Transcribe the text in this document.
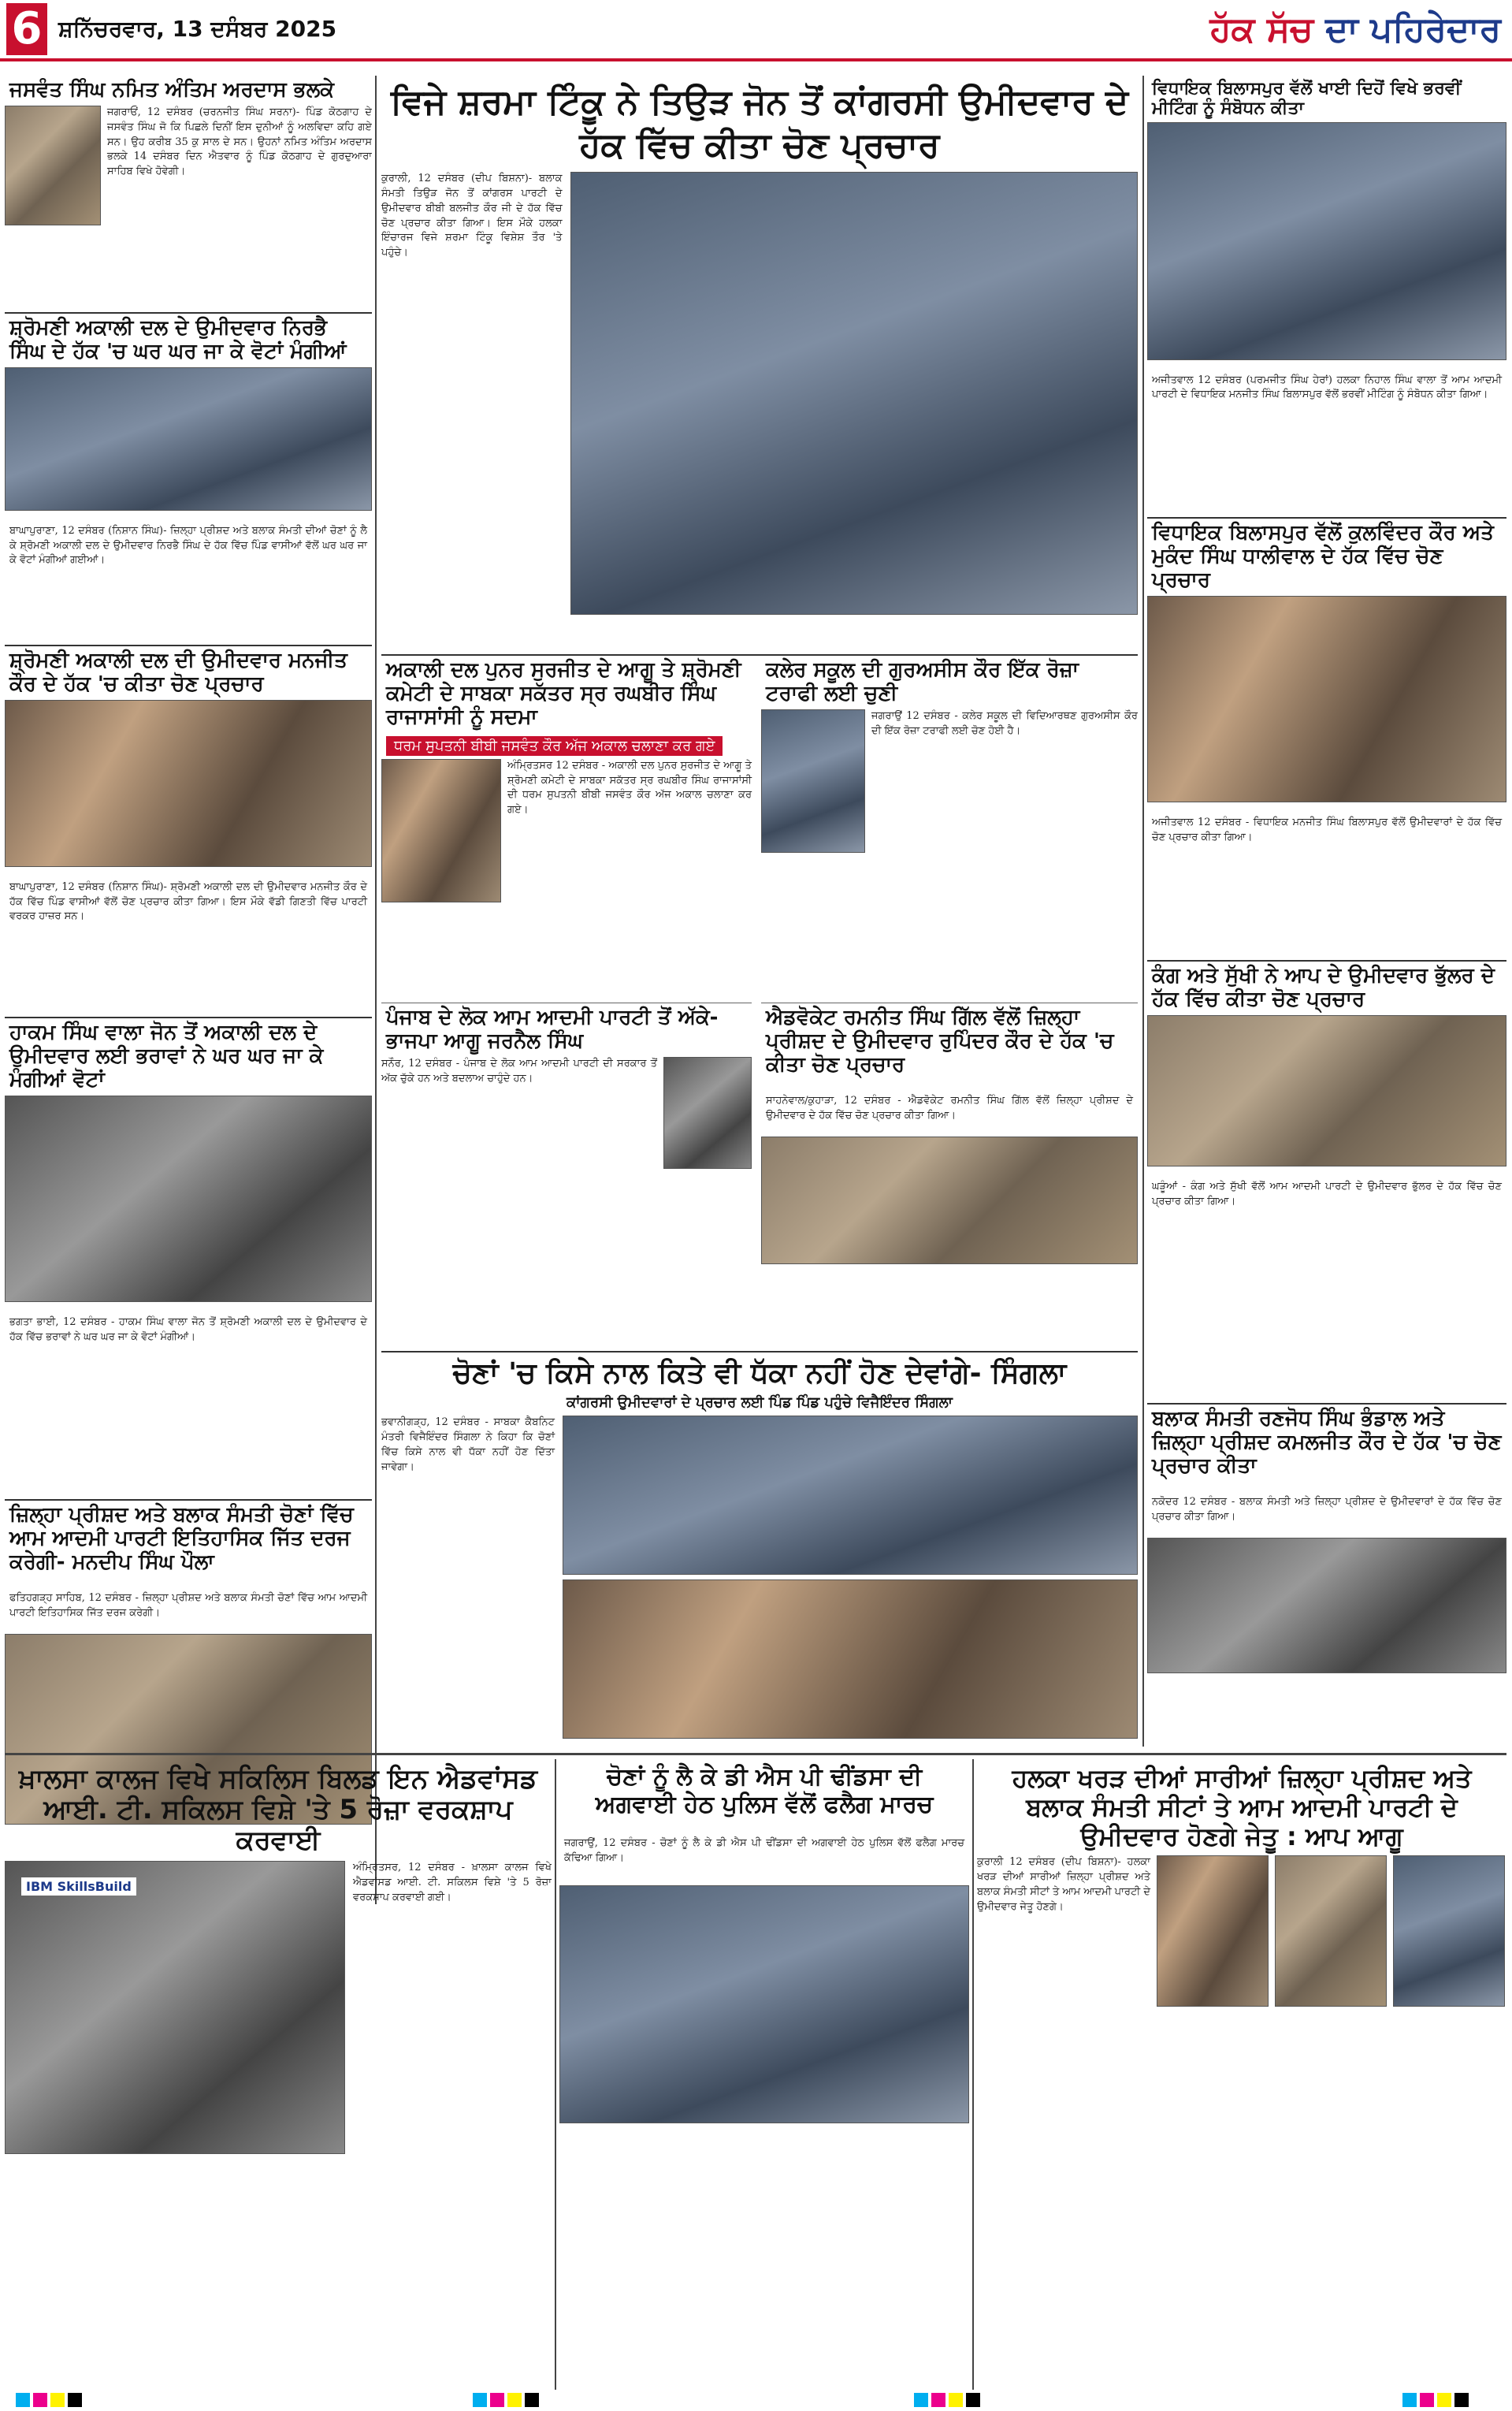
6 ਸ਼ਨਿੱਚਰਵਾਰ, 13 ਦਸੰਬਰ 2025	ਹੱਕ ਸੱਚ ਦਾ ਪਹਿਰੇਦਾਰ
ਜਸਵੰਤ ਸਿੰਘ ਨਮਿਤ ਅੰਤਿਮ ਅਰਦਾਸ ਭਲਕੇ

ਜਗਰਾਓਂ, 12 ਦਸੰਬਰ (ਚਰਨਜੀਤ ਸਿੰਘ ਸਰਨਾ)- ਪਿੰਡ ਕੋਠਗਾਹ ਦੇ ਜਸਵੰਤ ਸਿੰਘ ਜੋ ਕਿ ਪਿਛਲੇ ਦਿਨੀਂ ਇਸ ਦੁਨੀਆਂ ਨੂੰ ਅਲਵਿਦਾ ਕਹਿ ਗਏ ਸਨ। ਉਹ ਕਰੀਬ 35 ਕੁ ਸਾਲ ਦੇ ਸਨ। ਉਹਨਾਂ ਨਮਿਤ ਅੰਤਿਮ ਅਰਦਾਸ ਭਲਕੇ 14 ਦਸੰਬਰ ਦਿਨ ਐਤਵਾਰ ਨੂੰ ਪਿੰਡ ਕੋਠਗਾਹ ਦੇ ਗੁਰਦੁਆਰਾ ਸਾਹਿਬ ਵਿਖੇ ਹੋਵੇਗੀ।

ਸ਼੍ਰੋਮਣੀ ਅਕਾਲੀ ਦਲ ਦੇ ਉਮੀਦਵਾਰ ਨਿਰਭੈ ਸਿੰਘ ਦੇ ਹੱਕ 'ਚ ਘਰ ਘਰ ਜਾ ਕੇ ਵੋਟਾਂ ਮੰਗੀਆਂ

ਬਾਘਾਪੁਰਾਣਾ, 12 ਦਸੰਬਰ (ਨਿਸ਼ਾਨ ਸਿੰਘ)- ਜ਼ਿਲ੍ਹਾ ਪ੍ਰੀਸ਼ਦ ਅਤੇ ਬਲਾਕ ਸੰਮਤੀ ਦੀਆਂ ਚੋਣਾਂ ਨੂੰ ਲੈ ਕੇ ਸ਼੍ਰੋਮਣੀ ਅਕਾਲੀ ਦਲ ਦੇ ਉਮੀਦਵਾਰ ਨਿਰਭੈ ਸਿੰਘ ਦੇ ਹੱਕ ਵਿੱਚ ਪਿੰਡ ਵਾਸੀਆਂ ਵੱਲੋਂ ਘਰ ਘਰ ਜਾ ਕੇ ਵੋਟਾਂ ਮੰਗੀਆਂ ਗਈਆਂ।

ਸ਼੍ਰੋਮਣੀ ਅਕਾਲੀ ਦਲ ਦੀ ਉਮੀਦਵਾਰ ਮਨਜੀਤ ਕੌਰ ਦੇ ਹੱਕ 'ਚ ਕੀਤਾ ਚੋਣ ਪ੍ਰਚਾਰ

ਬਾਘਾਪੁਰਾਣਾ, 12 ਦਸੰਬਰ (ਨਿਸ਼ਾਨ ਸਿੰਘ)- ਸ਼੍ਰੋਮਣੀ ਅਕਾਲੀ ਦਲ ਦੀ ਉਮੀਦਵਾਰ ਮਨਜੀਤ ਕੌਰ ਦੇ ਹੱਕ ਵਿੱਚ ਪਿੰਡ ਵਾਸੀਆਂ ਵੱਲੋਂ ਚੋਣ ਪ੍ਰਚਾਰ ਕੀਤਾ ਗਿਆ। ਇਸ ਮੌਕੇ ਵੱਡੀ ਗਿਣਤੀ ਵਿੱਚ ਪਾਰਟੀ ਵਰਕਰ ਹਾਜ਼ਰ ਸਨ।

ਹਾਕਮ ਸਿੰਘ ਵਾਲਾ ਜੋਨ ਤੋਂ ਅਕਾਲੀ ਦਲ ਦੇ ਉਮੀਦਵਾਰ ਲਈ ਭਰਾਵਾਂ ਨੇ ਘਰ ਘਰ ਜਾ ਕੇ ਮੰਗੀਆਂ ਵੋਟਾਂ

ਭਗਤਾ ਭਾਈ, 12 ਦਸੰਬਰ - ਹਾਕਮ ਸਿੰਘ ਵਾਲਾ ਜੋਨ ਤੋਂ ਸ਼੍ਰੋਮਣੀ ਅਕਾਲੀ ਦਲ ਦੇ ਉਮੀਦਵਾਰ ਦੇ ਹੱਕ ਵਿੱਚ ਭਰਾਵਾਂ ਨੇ ਘਰ ਘਰ ਜਾ ਕੇ ਵੋਟਾਂ ਮੰਗੀਆਂ।

ਜ਼ਿਲ੍ਹਾ ਪ੍ਰੀਸ਼ਦ ਅਤੇ ਬਲਾਕ ਸੰਮਤੀ ਚੋਣਾਂ ਵਿੱਚ ਆਮ ਆਦਮੀ ਪਾਰਟੀ ਇਤਿਹਾਸਿਕ ਜਿੱਤ ਦਰਜ ਕਰੇਗੀ- ਮਨਦੀਪ ਸਿੰਘ ਪੌਲਾ

ਫਤਿਹਗੜ੍ਹ ਸਾਹਿਬ, 12 ਦਸੰਬਰ - ਜ਼ਿਲ੍ਹਾ ਪ੍ਰੀਸ਼ਦ ਅਤੇ ਬਲਾਕ ਸੰਮਤੀ ਚੋਣਾਂ ਵਿੱਚ ਆਮ ਆਦਮੀ ਪਾਰਟੀ ਇਤਿਹਾਸਿਕ ਜਿੱਤ ਦਰਜ ਕਰੇਗੀ।

ਵਿਜੇ ਸ਼ਰਮਾ ਟਿੰਕੂ ਨੇ ਤਿਉੜ ਜੋਨ ਤੋਂ ਕਾਂਗਰਸੀ ਉਮੀਦਵਾਰ ਦੇ ਹੱਕ ਵਿੱਚ ਕੀਤਾ ਚੋਣ ਪ੍ਰਚਾਰ

ਕੁਰਾਲੀ, 12 ਦਸੰਬਰ (ਦੀਪ ਬਿਸ਼ਨਾ)- ਬਲਾਕ ਸੰਮਤੀ ਤਿਉੜ ਜੋਨ ਤੋਂ ਕਾਂਗਰਸ ਪਾਰਟੀ ਦੇ ਉਮੀਦਵਾਰ ਬੀਬੀ ਬਲਜੀਤ ਕੌਰ ਜੀ ਦੇ ਹੱਕ ਵਿੱਚ ਚੋਣ ਪ੍ਰਚਾਰ ਕੀਤਾ ਗਿਆ। ਇਸ ਮੌਕੇ ਹਲਕਾ ਇੰਚਾਰਜ ਵਿਜੇ ਸ਼ਰਮਾ ਟਿੰਕੂ ਵਿਸ਼ੇਸ਼ ਤੌਰ 'ਤੇ ਪਹੁੰਚੇ।

ਅਕਾਲੀ ਦਲ ਪੁਨਰ ਸੁਰਜੀਤ ਦੇ ਆਗੂ ਤੇ ਸ਼੍ਰੋਮਣੀ ਕਮੇਟੀ ਦੇ ਸਾਬਕਾ ਸਕੱਤਰ ਸ੍ਰ ਰਘਬੀਰ ਸਿੰਘ ਰਾਜਾਸਾਂਸੀ ਨੂੰ ਸਦਮਾ
ਧਰਮ ਸੁਪਤਨੀ ਬੀਬੀ ਜਸਵੰਤ ਕੌਰ ਅੱਜ ਅਕਾਲ ਚਲਾਣਾ ਕਰ ਗਏ

ਅੰਮ੍ਰਿਤਸਰ 12 ਦਸੰਬਰ - ਅਕਾਲੀ ਦਲ ਪੁਨਰ ਸੁਰਜੀਤ ਦੇ ਆਗੂ ਤੇ ਸ਼੍ਰੋਮਣੀ ਕਮੇਟੀ ਦੇ ਸਾਬਕਾ ਸਕੱਤਰ ਸ੍ਰ ਰਘਬੀਰ ਸਿੰਘ ਰਾਜਾਸਾਂਸੀ ਦੀ ਧਰਮ ਸੁਪਤਨੀ ਬੀਬੀ ਜਸਵੰਤ ਕੌਰ ਅੱਜ ਅਕਾਲ ਚਲਾਣਾ ਕਰ ਗਏ।

ਕਲੇਰ ਸਕੂਲ ਦੀ ਗੁਰਅਸੀਸ ਕੌਰ ਇੱਕ ਰੋਜ਼ਾ ਟਰਾਫੀ ਲਈ ਚੁਣੀ

ਜਗਰਾਉਂ 12 ਦਸੰਬਰ - ਕਲੇਰ ਸਕੂਲ ਦੀ ਵਿਦਿਆਰਥਣ ਗੁਰਅਸੀਸ ਕੌਰ ਦੀ ਇੱਕ ਰੋਜ਼ਾ ਟਰਾਫੀ ਲਈ ਚੋਣ ਹੋਈ ਹੈ।

ਪੰਜਾਬ ਦੇ ਲੋਕ ਆਮ ਆਦਮੀ ਪਾਰਟੀ ਤੋਂ ਅੱਕੇ-ਭਾਜਪਾ ਆਗੂ ਜਰਨੈਲ ਸਿੰਘ

ਸਨੌਰ, 12 ਦਸੰਬਰ - ਪੰਜਾਬ ਦੇ ਲੋਕ ਆਮ ਆਦਮੀ ਪਾਰਟੀ ਦੀ ਸਰਕਾਰ ਤੋਂ ਅੱਕ ਚੁੱਕੇ ਹਨ ਅਤੇ ਬਦਲਾਅ ਚਾਹੁੰਦੇ ਹਨ।

ਐਡਵੋਕੇਟ ਰਮਨੀਤ ਸਿੰਘ ਗਿੱਲ ਵੱਲੋਂ ਜ਼ਿਲ੍ਹਾ ਪ੍ਰੀਸ਼ਦ ਦੇ ਉਮੀਦਵਾਰ ਰੁਪਿੰਦਰ ਕੌਰ ਦੇ ਹੱਕ 'ਚ ਕੀਤਾ ਚੋਣ ਪ੍ਰਚਾਰ

ਸਾਹਨੇਵਾਲ/ਕੁਹਾੜਾ, 12 ਦਸੰਬਰ - ਐਡਵੋਕੇਟ ਰਮਨੀਤ ਸਿੰਘ ਗਿੱਲ ਵੱਲੋਂ ਜ਼ਿਲ੍ਹਾ ਪ੍ਰੀਸ਼ਦ ਦੇ ਉਮੀਦਵਾਰ ਦੇ ਹੱਕ ਵਿੱਚ ਚੋਣ ਪ੍ਰਚਾਰ ਕੀਤਾ ਗਿਆ।

ਚੋਣਾਂ 'ਚ ਕਿਸੇ ਨਾਲ ਕਿਤੇ ਵੀ ਧੱਕਾ ਨਹੀਂ ਹੋਣ ਦੇਵਾਂਗੇ- ਸਿੰਗਲਾ
ਕਾਂਗਰਸੀ ਉਮੀਦਵਾਰਾਂ ਦੇ ਪ੍ਰਚਾਰ ਲਈ ਪਿੰਡ ਪਿੰਡ ਪਹੁੰਚੇ ਵਿਜੈਇੰਦਰ ਸਿੰਗਲਾ

ਭਵਾਨੀਗੜ੍ਹ, 12 ਦਸੰਬਰ - ਸਾਬਕਾ ਕੈਬਨਿਟ ਮੰਤਰੀ ਵਿਜੈਇੰਦਰ ਸਿੰਗਲਾ ਨੇ ਕਿਹਾ ਕਿ ਚੋਣਾਂ ਵਿੱਚ ਕਿਸੇ ਨਾਲ ਵੀ ਧੱਕਾ ਨਹੀਂ ਹੋਣ ਦਿੱਤਾ ਜਾਵੇਗਾ।

ਵਿਧਾਇਕ ਬਿਲਾਸਪੁਰ ਵੱਲੋਂ ਖਾਈ ਦਿਹੋਂ ਵਿਖੇ ਭਰਵੀਂ ਮੀਟਿੰਗ ਨੂੰ ਸੰਬੋਧਨ ਕੀਤਾ

ਅਜੀਤਵਾਲ 12 ਦਸੰਬਰ (ਪਰਮਜੀਤ ਸਿੰਘ ਹੇਰਾਂ) ਹਲਕਾ ਨਿਹਾਲ ਸਿੰਘ ਵਾਲਾ ਤੋਂ ਆਮ ਆਦਮੀ ਪਾਰਟੀ ਦੇ ਵਿਧਾਇਕ ਮਨਜੀਤ ਸਿੰਘ ਬਿਲਾਸਪੁਰ ਵੱਲੋਂ ਭਰਵੀਂ ਮੀਟਿੰਗ ਨੂੰ ਸੰਬੋਧਨ ਕੀਤਾ ਗਿਆ।

ਵਿਧਾਇਕ ਬਿਲਾਸਪੁਰ ਵੱਲੋਂ ਕੁਲਵਿੰਦਰ ਕੌਰ ਅਤੇ ਮੁਕੰਦ ਸਿੰਘ ਧਾਲੀਵਾਲ ਦੇ ਹੱਕ ਵਿੱਚ ਚੋਣ ਪ੍ਰਚਾਰ

ਅਜੀਤਵਾਲ 12 ਦਸੰਬਰ - ਵਿਧਾਇਕ ਮਨਜੀਤ ਸਿੰਘ ਬਿਲਾਸਪੁਰ ਵੱਲੋਂ ਉਮੀਦਵਾਰਾਂ ਦੇ ਹੱਕ ਵਿੱਚ ਚੋਣ ਪ੍ਰਚਾਰ ਕੀਤਾ ਗਿਆ।

ਕੰਗ ਅਤੇ ਸੁੱਖੀ ਨੇ ਆਪ ਦੇ ਉਮੀਦਵਾਰ ਭੁੱਲਰ ਦੇ ਹੱਕ ਵਿੱਚ ਕੀਤਾ ਚੋਣ ਪ੍ਰਚਾਰ

ਘੜੂੰਆਂ - ਕੰਗ ਅਤੇ ਸੁੱਖੀ ਵੱਲੋਂ ਆਮ ਆਦਮੀ ਪਾਰਟੀ ਦੇ ਉਮੀਦਵਾਰ ਭੁੱਲਰ ਦੇ ਹੱਕ ਵਿੱਚ ਚੋਣ ਪ੍ਰਚਾਰ ਕੀਤਾ ਗਿਆ।

ਬਲਾਕ ਸੰਮਤੀ ਰਣਜੋਧ ਸਿੰਘ ਭੰਡਾਲ ਅਤੇ ਜ਼ਿਲ੍ਹਾ ਪ੍ਰੀਸ਼ਦ ਕਮਲਜੀਤ ਕੌਰ ਦੇ ਹੱਕ 'ਚ ਚੋਣ ਪ੍ਰਚਾਰ ਕੀਤਾ

ਨਕੋਦਰ 12 ਦਸੰਬਰ - ਬਲਾਕ ਸੰਮਤੀ ਅਤੇ ਜ਼ਿਲ੍ਹਾ ਪ੍ਰੀਸ਼ਦ ਦੇ ਉਮੀਦਵਾਰਾਂ ਦੇ ਹੱਕ ਵਿੱਚ ਚੋਣ ਪ੍ਰਚਾਰ ਕੀਤਾ ਗਿਆ।

ਖ਼ਾਲਸਾ ਕਾਲਜ ਵਿਖੇ ਸਕਿਲਿਸ ਬਿਲਡ ਇਨ ਐਡਵਾਂਸਡ ਆਈ. ਟੀ. ਸਕਿਲਸ ਵਿਸ਼ੇ 'ਤੇ 5 ਰੋਜ਼ਾ ਵਰਕਸ਼ਾਪ ਕਰਵਾਈ
IBM SkillsBuild

ਅੰਮ੍ਰਿਤਸਰ, 12 ਦਸੰਬਰ - ਖ਼ਾਲਸਾ ਕਾਲਜ ਵਿਖੇ ਐਡਵਾਂਸਡ ਆਈ. ਟੀ. ਸਕਿਲਸ ਵਿਸ਼ੇ 'ਤੇ 5 ਰੋਜ਼ਾ ਵਰਕਸ਼ਾਪ ਕਰਵਾਈ ਗਈ।

ਚੋਣਾਂ ਨੂੰ ਲੈ ਕੇ ਡੀ ਐਸ ਪੀ ਢੀਂਡਸਾ ਦੀ ਅਗਵਾਈ ਹੇਠ ਪੁਲਿਸ ਵੱਲੋਂ ਫਲੈਗ ਮਾਰਚ

ਜਗਰਾਉਂ, 12 ਦਸੰਬਰ - ਚੋਣਾਂ ਨੂੰ ਲੈ ਕੇ ਡੀ ਐਸ ਪੀ ਢੀਂਡਸਾ ਦੀ ਅਗਵਾਈ ਹੇਠ ਪੁਲਿਸ ਵੱਲੋਂ ਫਲੈਗ ਮਾਰਚ ਕੱਢਿਆ ਗਿਆ।

ਹਲਕਾ ਖਰੜ ਦੀਆਂ ਸਾਰੀਆਂ ਜ਼ਿਲ੍ਹਾ ਪ੍ਰੀਸ਼ਦ ਅਤੇ ਬਲਾਕ ਸੰਮਤੀ ਸੀਟਾਂ ਤੇ ਆਮ ਆਦਮੀ ਪਾਰਟੀ ਦੇ ਉਮੀਦਵਾਰ ਹੋਣਗੇ ਜੇਤੂ : ਆਪ ਆਗੂ

ਕੁਰਾਲੀ 12 ਦਸੰਬਰ (ਦੀਪ ਬਿਸ਼ਨਾ)- ਹਲਕਾ ਖਰੜ ਦੀਆਂ ਸਾਰੀਆਂ ਜ਼ਿਲ੍ਹਾ ਪ੍ਰੀਸ਼ਦ ਅਤੇ ਬਲਾਕ ਸੰਮਤੀ ਸੀਟਾਂ ਤੇ ਆਮ ਆਦਮੀ ਪਾਰਟੀ ਦੇ ਉਮੀਦਵਾਰ ਜੇਤੂ ਹੋਣਗੇ।
